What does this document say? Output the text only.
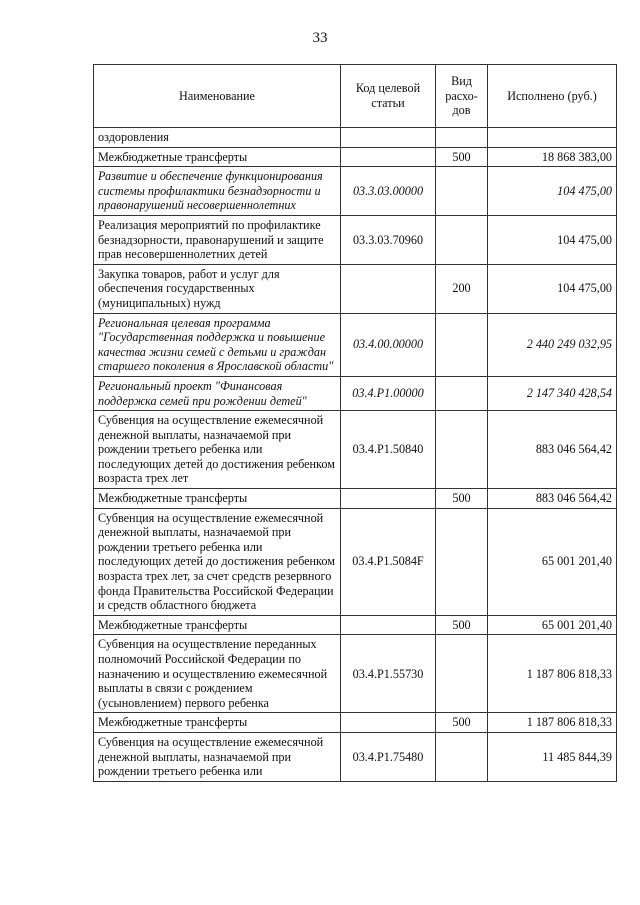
33
Наименование	Код целевой статьи	Вид расхо-дов	Исполнено (руб.)
оздоровления			
Межбюджетные трансферты		500	18 868 383,00
Развитие и обеспечение функционирования системы профилактики безнадзорности и правонарушений несовершеннолетних	03.3.03.00000		104 475,00
Реализация мероприятий по профилактике безнадзорности, правонарушений и защите прав несовершеннолетних детей	03.3.03.70960		104 475,00
Закупка товаров, работ и услуг для обеспечения государственных (муниципальных) нужд		200	104 475,00
Региональная целевая программа "Государственная поддержка и повышение качества жизни семей с детьми и граждан старшего поколения в Ярославской области"	03.4.00.00000		2 440 249 032,95
Региональный проект "Финансовая поддержка семей при рождении детей"	03.4.P1.00000		2 147 340 428,54
Субвенция на осуществление ежемесячной денежной выплаты, назначаемой при рождении третьего ребенка или последующих детей до достижения ребенком возраста трех лет	03.4.P1.50840		883 046 564,42
Межбюджетные трансферты		500	883 046 564,42
Субвенция на осуществление ежемесячной денежной выплаты, назначаемой при рождении третьего ребенка или последующих детей до достижения ребенком возраста трех лет, за счет средств резервного фонда Правительства Российской Федерации и средств областного бюджета	03.4.P1.5084F		65 001 201,40
Межбюджетные трансферты		500	65 001 201,40
Субвенция на осуществление переданных полномочий Российской Федерации по назначению и осуществлению ежемесячной выплаты в связи с рождением (усыновлением) первого ребенка	03.4.P1.55730		1 187 806 818,33
Межбюджетные трансферты		500	1 187 806 818,33
Субвенция на осуществление ежемесячной денежной выплаты, назначаемой при рождении третьего ребенка или	03.4.P1.75480		11 485 844,39
